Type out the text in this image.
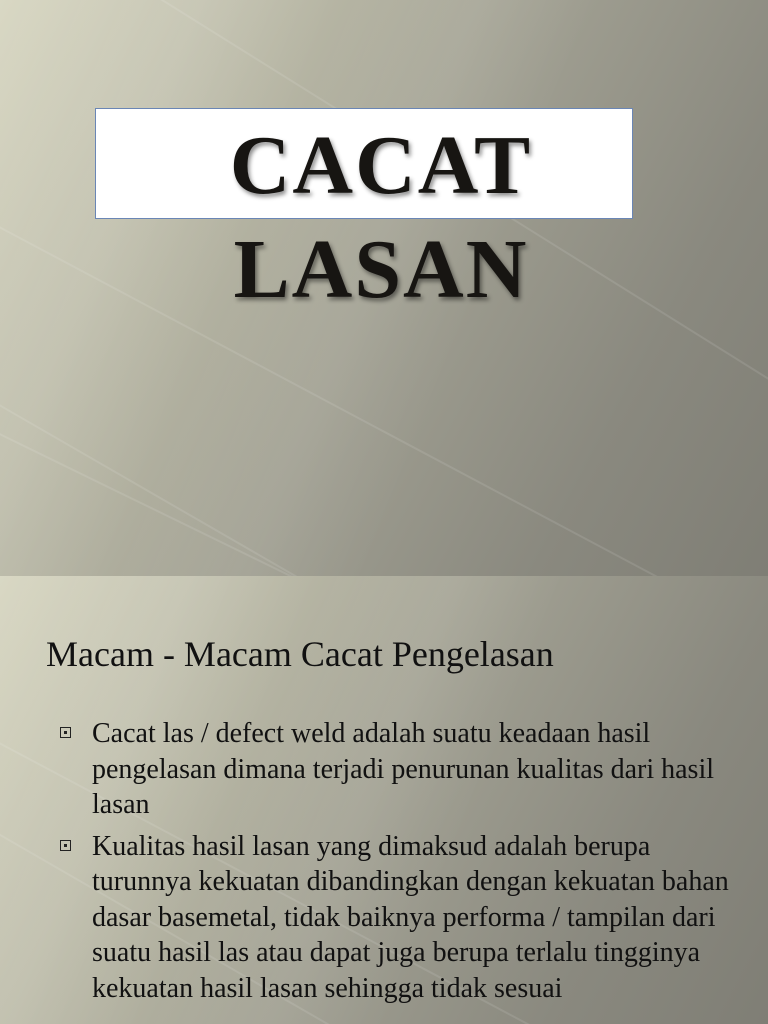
CACAT
LASAN
Macam - Macam Cacat Pengelasan
Cacat las / defect weld adalah suatu keadaan hasil pengelasan dimana terjadi penurunan kualitas dari hasil lasan
Kualitas hasil lasan yang dimaksud adalah berupa turunnya kekuatan dibandingkan dengan kekuatan bahan dasar basemetal, tidak baiknya performa / tampilan dari suatu hasil las atau dapat juga berupa terlalu tingginya kekuatan hasil lasan sehingga tidak sesuai
